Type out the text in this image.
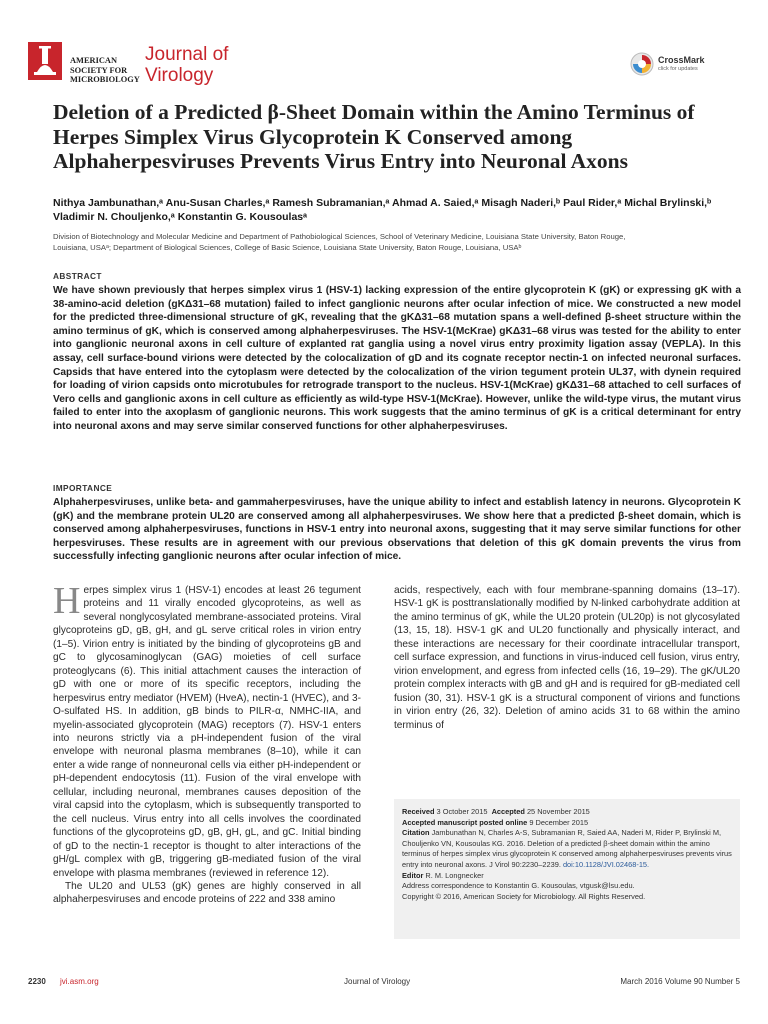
AMERICAN
SOCIETY FOR
MICROBIOLOGY
Journal of
Virology
CrossMark
click for updates
Deletion of a Predicted β-Sheet Domain within the Amino Terminus of Herpes Simplex Virus Glycoprotein K Conserved among Alphaherpesviruses Prevents Virus Entry into Neuronal Axons
Nithya Jambunathan,ᵃ Anu-Susan Charles,ᵃ Ramesh Subramanian,ᵃ Ahmad A. Saied,ᵃ Misagh Naderi,ᵇ Paul Rider,ᵃ Michal Brylinski,ᵇ
Vladimir N. Chouljenko,ᵃ Konstantin G. Kousoulasᵃ
Division of Biotechnology and Molecular Medicine and Department of Pathobiological Sciences, School of Veterinary Medicine, Louisiana State University, Baton Rouge,
Louisiana, USAᵃ; Department of Biological Sciences, College of Basic Science, Louisiana State University, Baton Rouge, Louisiana, USAᵇ
ABSTRACT
We have shown previously that herpes simplex virus 1 (HSV-1) lacking expression of the entire glycoprotein K (gK) or expressing gK with a 38-amino-acid deletion (gKΔ31–68 mutation) failed to infect ganglionic neurons after ocular infection of mice. We constructed a new model for the predicted three-dimensional structure of gK, revealing that the gKΔ31–68 mutation spans a well-defined β-sheet structure within the amino terminus of gK, which is conserved among alphaherpesviruses. The HSV-1(McKrae) gKΔ31–68 virus was tested for the ability to enter into ganglionic neuronal axons in cell culture of explanted rat ganglia using a novel virus entry proximity ligation assay (VEPLA). In this assay, cell surface-bound virions were detected by the colocalization of gD and its cognate receptor nectin-1 on infected neuronal surfaces. Capsids that have entered into the cytoplasm were detected by the colocalization of the virion tegument protein UL37, with dynein required for loading of virion capsids onto microtubules for retrograde transport to the nucleus. HSV-1(McKrae) gKΔ31–68 attached to cell surfaces of Vero cells and ganglionic axons in cell culture as efficiently as wild-type HSV-1(McKrae). However, unlike the wild-type virus, the mutant virus failed to enter into the axoplasm of ganglionic neurons. This work suggests that the amino terminus of gK is a critical determinant for entry into neuronal axons and may serve similar conserved functions for other alphaherpesviruses.
IMPORTANCE
Alphaherpesviruses, unlike beta- and gammaherpesviruses, have the unique ability to infect and establish latency in neurons. Glycoprotein K (gK) and the membrane protein UL20 are conserved among all alphaherpesviruses. We show here that a predicted β-sheet domain, which is conserved among alphaherpesviruses, functions in HSV-1 entry into neuronal axons, suggesting that it may serve similar functions for other herpesviruses. These results are in agreement with our previous observations that deletion of this gK domain prevents the virus from successfully infecting ganglionic neurons after ocular infection of mice.
Herpes simplex virus 1 (HSV-1) encodes at least 26 tegument proteins and 11 virally encoded glycoproteins, as well as several nonglycosylated membrane-associated proteins. Viral glycoproteins gD, gB, gH, and gL serve critical roles in virion entry (1–5). Virion entry is initiated by the binding of glycoproteins gB and gC to glycosaminoglycan (GAG) moieties of cell surface proteoglycans (6). This initial attachment causes the interaction of gD with one or more of its specific receptors, including the herpesvirus entry mediator (HVEM) (HveA), nectin-1 (HVEC), and 3-O-sulfated HS. In addition, gB binds to PILR-α, NMHC-IIA, and myelin-associated glycoprotein (MAG) receptors (7). HSV-1 enters into neurons strictly via a pH-independent fusion of the viral envelope with neuronal plasma membranes (8–10), while it can enter a wide range of nonneuronal cells via either pH-independent or pH-dependent endocytosis (11). Fusion of the viral envelope with cellular, including neuronal, membranes causes deposition of the viral capsid into the cytoplasm, which is subsequently transported to the cell nucleus. Virus entry into all cells involves the coordinated functions of the glycoproteins gD, gB, gH, gL, and gC. Initial binding of gD to the nectin-1 receptor is thought to alter interactions of the gH/gL complex with gB, triggering gB-mediated fusion of the viral envelope with plasma membranes (reviewed in reference 12).
The UL20 and UL53 (gK) genes are highly conserved in all alphaherpesviruses and encode proteins of 222 and 338 amino
acids, respectively, each with four membrane-spanning domains (13–17). HSV-1 gK is posttranslationally modified by N-linked carbohydrate addition at the amino terminus of gK, while the UL20 protein (UL20p) is not glycosylated (13, 15, 18). HSV-1 gK and UL20 functionally and physically interact, and these interactions are necessary for their coordinate intracellular transport, cell surface expression, and functions in virus-induced cell fusion, virus entry, virion envelopment, and egress from infected cells (16, 19–29). The gK/UL20 protein complex interacts with gB and gH and is required for gB-mediated cell fusion (30, 31). HSV-1 gK is a structural component of virions and functions in virion entry (26, 32). Deletion of amino acids 31 to 68 within the amino terminus of
Received 3 October 2015 Accepted 25 November 2015
Accepted manuscript posted online 9 December 2015
Citation Jambunathan N, Charles A-S, Subramanian R, Saied AA, Naderi M, Rider P, Brylinski M, Chouljenko VN, Kousoulas KG. 2016. Deletion of a predicted β-sheet domain within the amino terminus of herpes simplex virus glycoprotein K conserved among alphaherpesviruses prevents virus entry into neuronal axons. J Virol 90:2230–2239. doi:10.1128/JVI.02468-15.
Editor R. M. Longnecker
Address correspondence to Konstantin G. Kousoulas, vtgusk@lsu.edu.
Copyright © 2016, American Society for Microbiology. All Rights Reserved.
2230 jvi.asm.org	Journal of Virology	March 2016 Volume 90 Number 5
